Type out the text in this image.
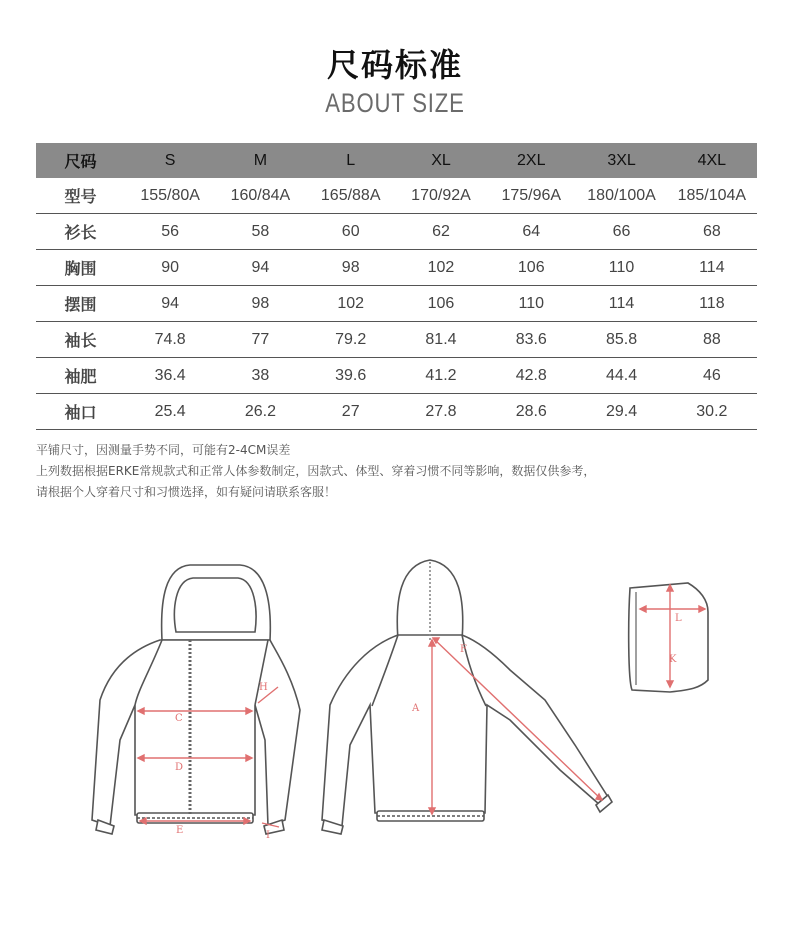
尺码标准
ABOUT SIZE
尺码	S	M	L	XL	2XL	3XL	4XL
型号	155/80A	160/84A	165/88A	170/92A	175/96A	180/100A	185/104A
衫长	56	58	60	62	64	66	68
胸围	90	94	98	102	106	110	114
摆围	94	98	102	106	110	114	118
袖长	74.8	77	79.2	81.4	83.6	85.8	88
袖肥	36.4	38	39.6	41.2	42.8	44.4	46
袖口	25.4	26.2	27	27.8	28.6	29.4	30.2
平铺尺寸，因测量手势不同，可能有2-4CM误差
上列数据根据ERKE常规款式和正常人体参数制定，因款式、体型、穿着习惯不同等影响，数据仅供参考，
请根据个人穿着尺寸和习惯选择，如有疑问请联系客服！
C
D
E
H
I
A
F
L
K
